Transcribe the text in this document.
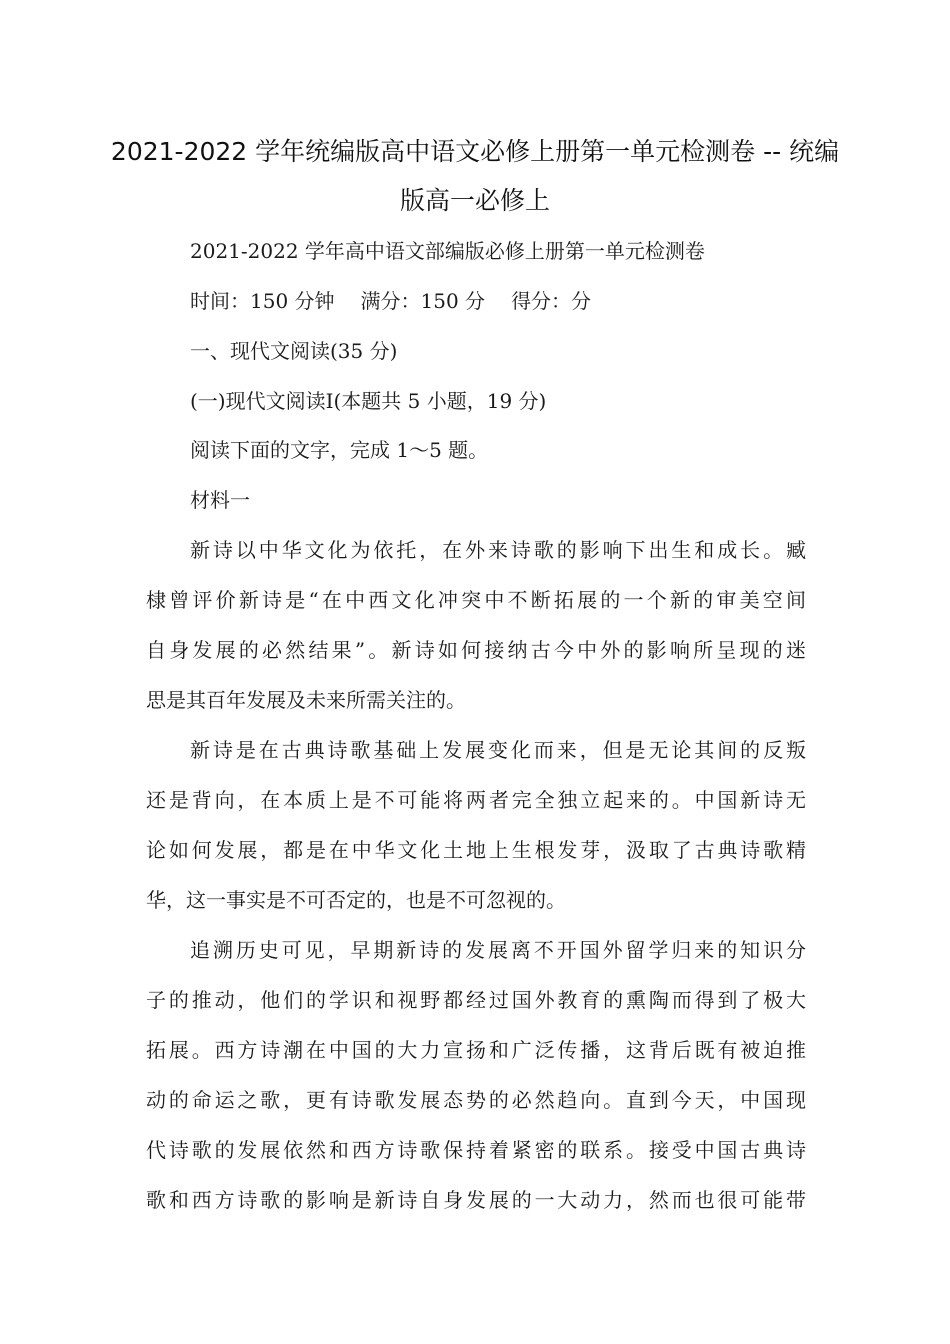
2021-2022 学年统编版高中语文必修上册第一单元检测卷 -- 统编
版高一必修上
2021-2022 学年高中语文部编版必修上册第一单元检测卷
时间：150 分钟 满分：150 分 得分：分
一、现代文阅读(35 分)
(一)现代文阅读Ⅰ(本题共 5 小题，19 分)
阅读下面的文字，完成 1～5 题。
材料一
新诗以中华文化为依托，在外来诗歌的影响下出生和成长。臧
棣曾评价新诗是“在中西文化冲突中不断拓展的一个新的审美空间
自身发展的必然结果”。新诗如何接纳古今中外的影响所呈现的迷
思是其百年发展及未来所需关注的。
新诗是在古典诗歌基础上发展变化而来，但是无论其间的反叛
还是背向，在本质上是不可能将两者完全独立起来的。中国新诗无
论如何发展，都是在中华文化土地上生根发芽，汲取了古典诗歌精
华，这一事实是不可否定的，也是不可忽视的。
追溯历史可见，早期新诗的发展离不开国外留学归来的知识分
子的推动，他们的学识和视野都经过国外教育的熏陶而得到了极大
拓展。西方诗潮在中国的大力宣扬和广泛传播，这背后既有被迫推
动的命运之歌，更有诗歌发展态势的必然趋向。直到今天，中国现
代诗歌的发展依然和西方诗歌保持着紧密的联系。接受中国古典诗
歌和西方诗歌的影响是新诗自身发展的一大动力，然而也很可能带
